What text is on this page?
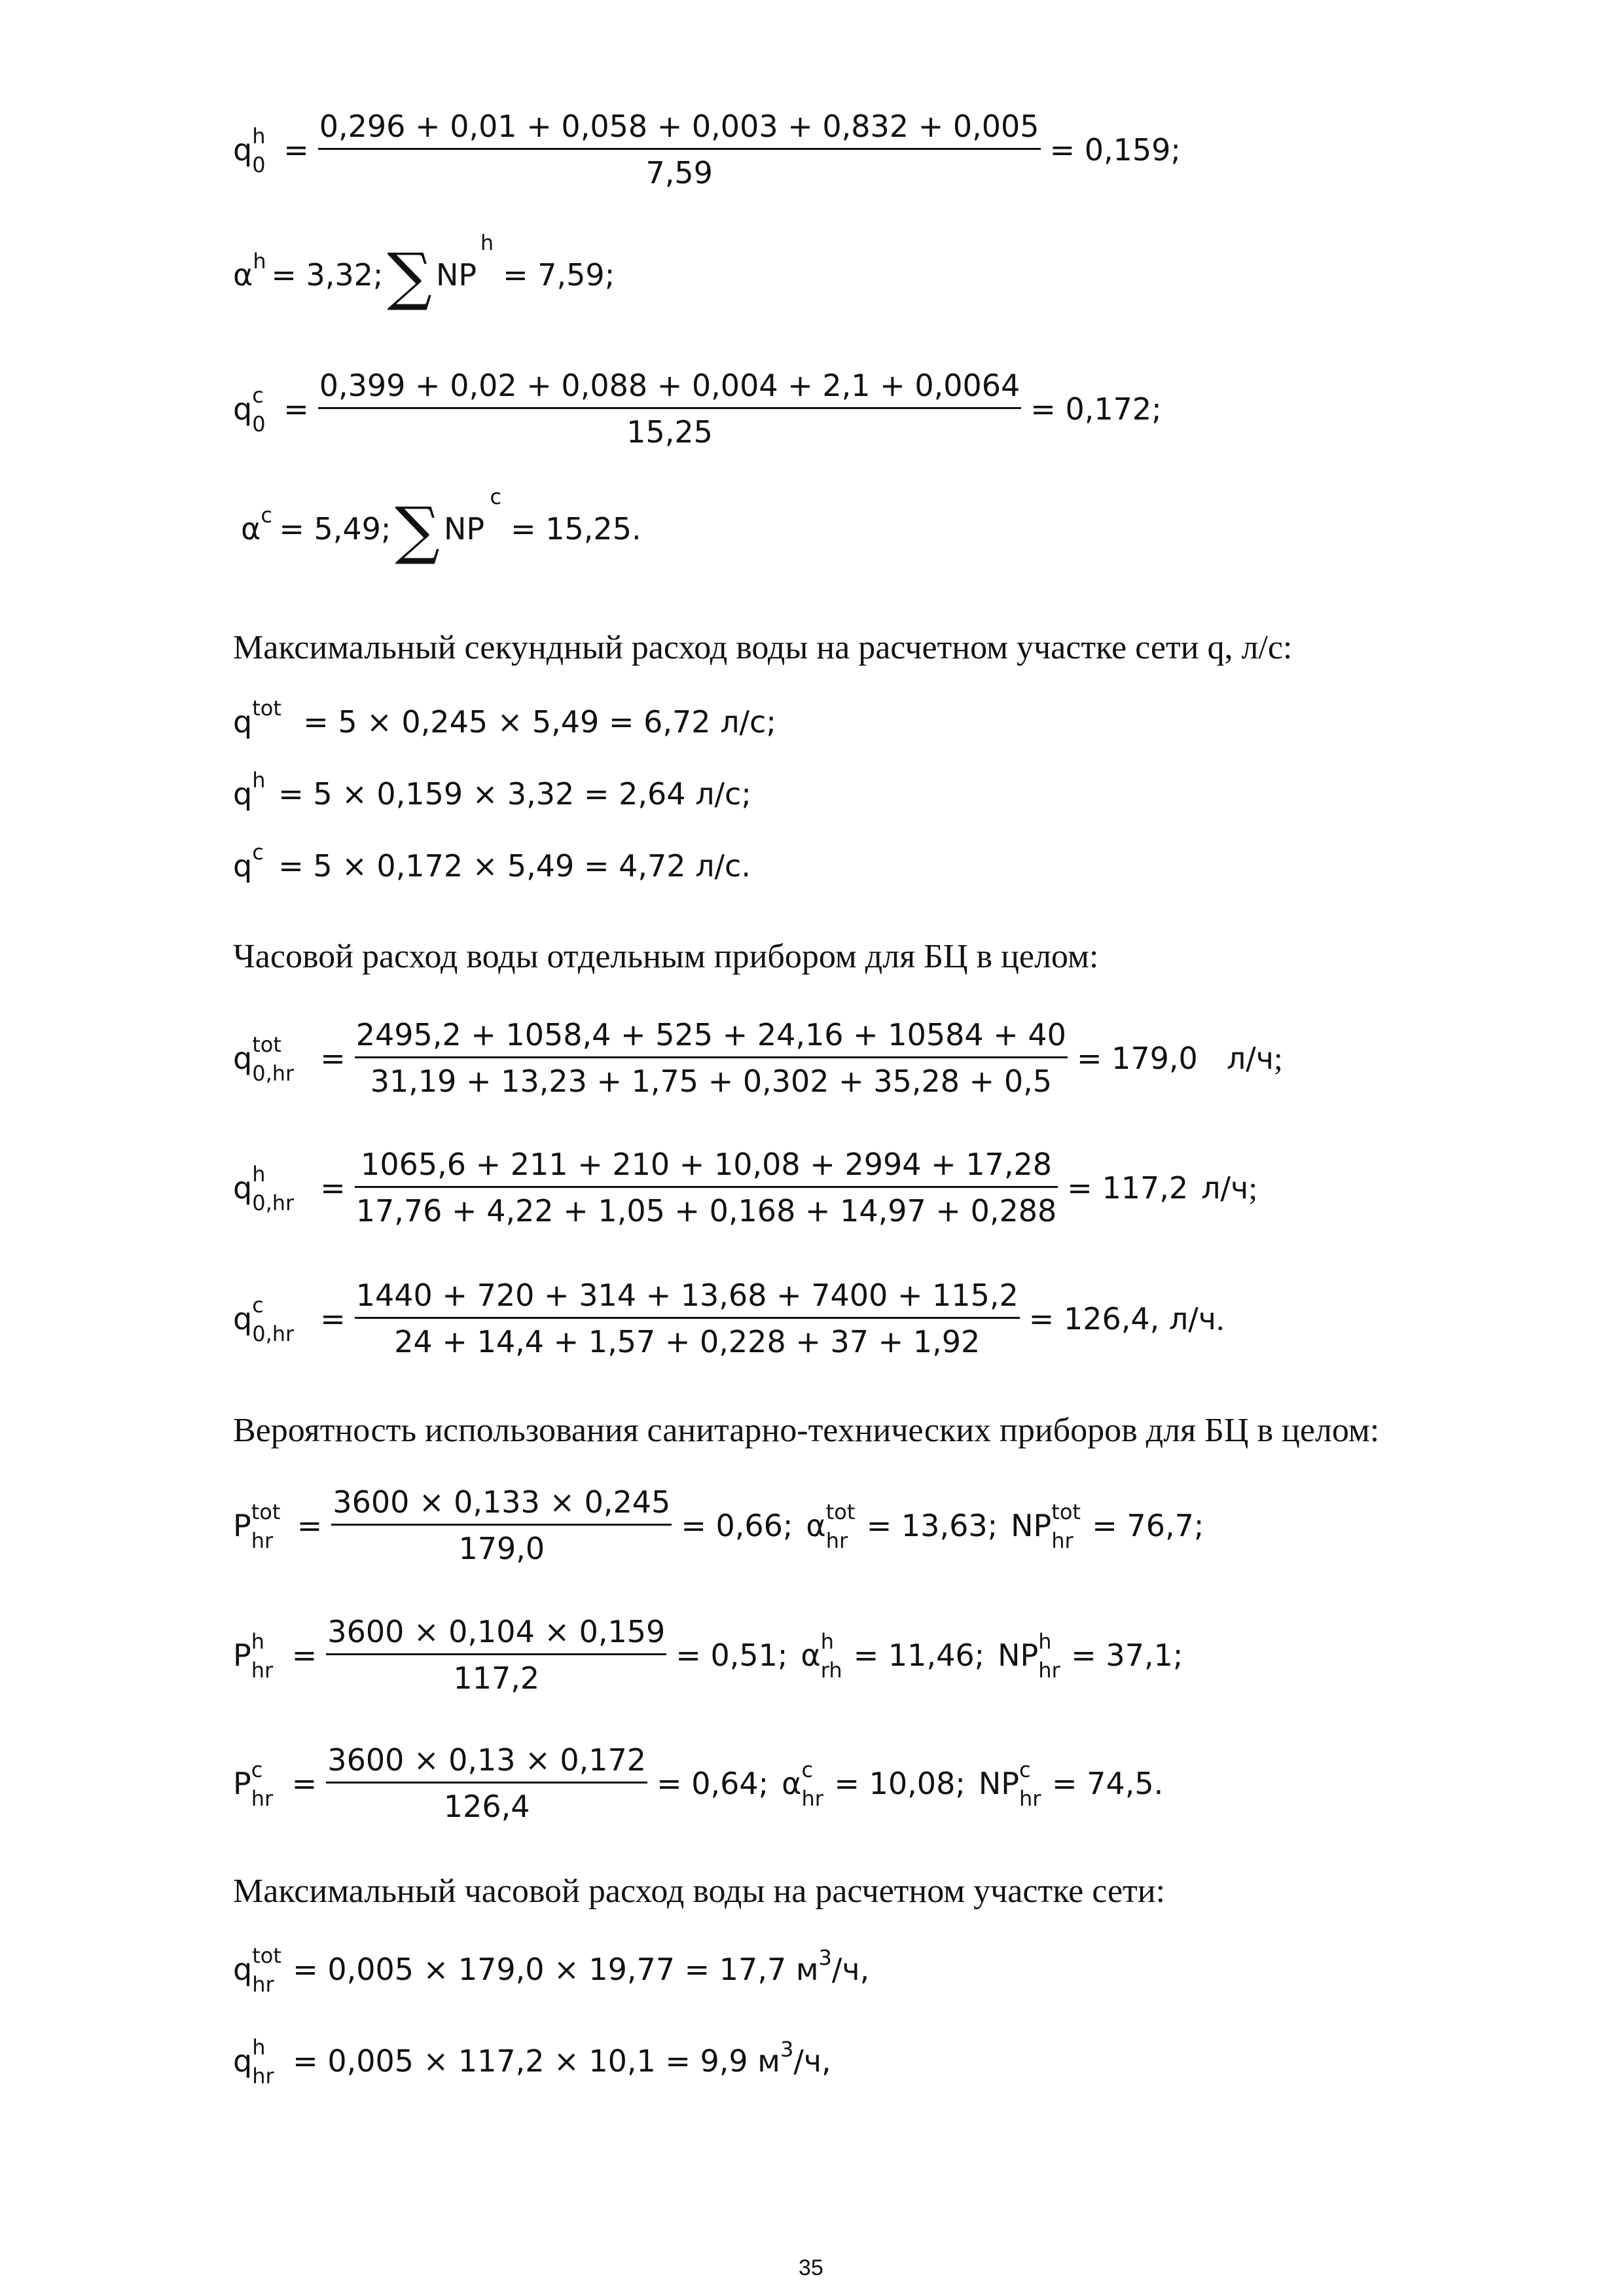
q h
$0 = \frac{0,296 + 0,01 + 0,058 + 0,003 + 0,832 + 0,005}{7,59} = 0,159$;
α h = 3,32; ∑ NP
h
= 7,59;
q c
$0 = \frac{0,399 + 0,02 + 0,088 + 0,004 + 2,1 + 0,0064}{15,25} = 0,172$;
α c = 5,49; ∑ NP
c
= 15,25.
Максимальный секундный расход воды на расчетном участке сети q, л/с:
q tot = 5 × 0,245 × 5,49 = 6,72 л/с;
q h = 5 × 0,159 × 3,32 = 2,64 л/с;
q c = 5 × 0,172 × 5,49 = 4,72 л/с.
Часовой расход воды отдельным прибором для БЦ в целом:
q tot
$0,hr = \frac{2495,2 + 1058,4 + 525 + 24,16 + 10584 + 40}{31,19 + 13,23 + 1,75 + 0,302 + 35,28 + 0,5} = 179,0$ л/ч ;
q h
$0,hr = \frac{1065,6 + 211 + 210 + 10,08 + 2994 + 17,28}{17,76 + 4,22 + 1,05 + 0,168 + 14,97 + 0,288} = 117,2$ л/ч ;
q c
$0,hr = \frac{1440 + 720 + 314 + 13,68 + 7400 + 115,2}{24 + 14,4 + 1,57 + 0,228 + 37 + 1,92} = 126,4$, л/ч .
Вероятность использования санитарно-технических приборов для БЦ в целом:
P tot
hr = $\frac{3600 \times 0,133 \times 0,245}{179,0} = 0,66$; α tot
hr = 13,63; NP tot
hr = 76,7;
P h
hr = $\frac{3600 \times 0,104 \times 0,159}{117,2} = 0,51$; α h
rh = 11,46; NP h
hr = 37,1;
P c
hr = $\frac{3600 \times 0,13 \times 0,172}{126,4} = 0,64$; α c
hr = 10,08; NP c
hr = 74,5.
Максимальный часовой расход воды на расчетном участке сети:
q tot
hr = 0,005 × 179,0 × 19,77 = 17,7 м 3 /ч,
q h
hr = 0,005 × 117,2 × 10,1 = 9,9 м 3 /ч,
35
